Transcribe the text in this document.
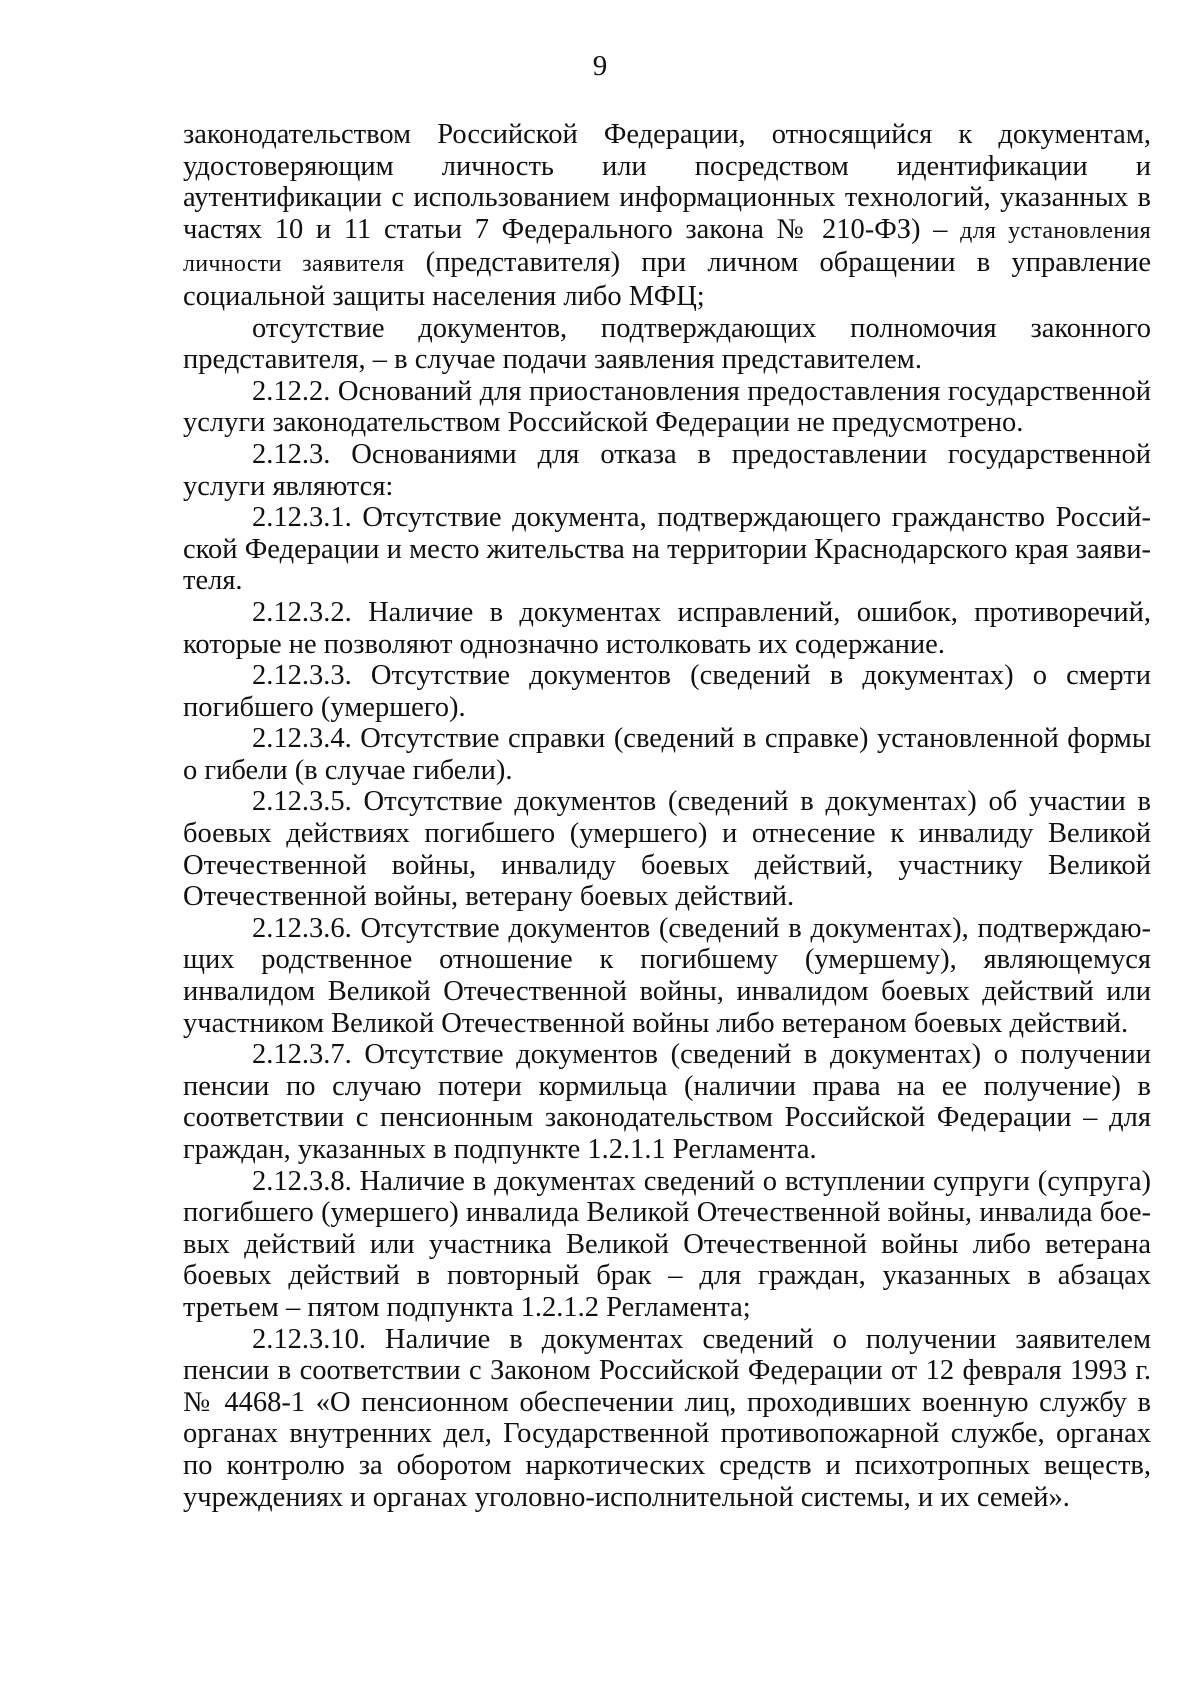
9

законодательством Российской Федерации, относящийся к документам, удостоверяющим личность или посредством идентификации и аутентификации с использованием информационных технологий, указанных в частях 10 и 11 статьи 7 Федерального закона № 210-ФЗ) – для установления личности заявителя (представителя) при личном обращении в управление социальной защиты населения либо МФЦ;

отсутствие документов, подтверждающих полномочия законного представителя, – в случае подачи заявления представителем.

2.12.2. Оснований для приостановления предоставления государственной услуги законодательством Российской Федерации не предусмотрено.

2.12.3. Основаниями для отказа в предоставлении государственной услуги являются:

2.12.3.1. Отсутствие документа, подтверждающего гражданство Российской Федерации и место жительства на территории Краснодарского края заявителя.

2.12.3.2. Наличие в документах исправлений, ошибок, противоречий, которые не позволяют однозначно истолковать их содержание.

2.12.3.3. Отсутствие документов (сведений в документах) о смерти погибшего (умершего).

2.12.3.4. Отсутствие справки (сведений в справке) установленной формы о гибели (в случае гибели).

2.12.3.5. Отсутствие документов (сведений в документах) об участии в боевых действиях погибшего (умершего) и отнесение к инвалиду Великой Отечественной войны, инвалиду боевых действий, участнику Великой Отечественной войны, ветерану боевых действий.

2.12.3.6. Отсутствие документов (сведений в документах), подтверждающих родственное отношение к погибшему (умершему), являющемуся инвалидом Великой Отечественной войны, инвалидом боевых действий или участником Великой Отечественной войны либо ветераном боевых действий.

2.12.3.7. Отсутствие документов (сведений в документах) о получении пенсии по случаю потери кормильца (наличии права на ее получение) в соответствии с пенсионным законодательством Российской Федерации – для граждан, указанных в подпункте 1.2.1.1 Регламента.

2.12.3.8. Наличие в документах сведений о вступлении супруги (супруга) погибшего (умершего) инвалида Великой Отечественной войны, инвалида боевых действий или участника Великой Отечественной войны либо ветерана боевых действий в повторный брак – для граждан, указанных в абзацах третьем – пятом подпункта 1.2.1.2 Регламента;

2.12.3.10. Наличие в документах сведений о получении заявителем пенсии в соответствии с Законом Российской Федерации от 12 февраля 1993 г. № 4468-1 «О пенсионном обеспечении лиц, проходивших военную службу в органах внутренних дел, Государственной противопожарной службе, органах по контролю за оборотом наркотических средств и психотропных веществ, учреждениях и органах уголовно-исполнительной системы, и их семей».
